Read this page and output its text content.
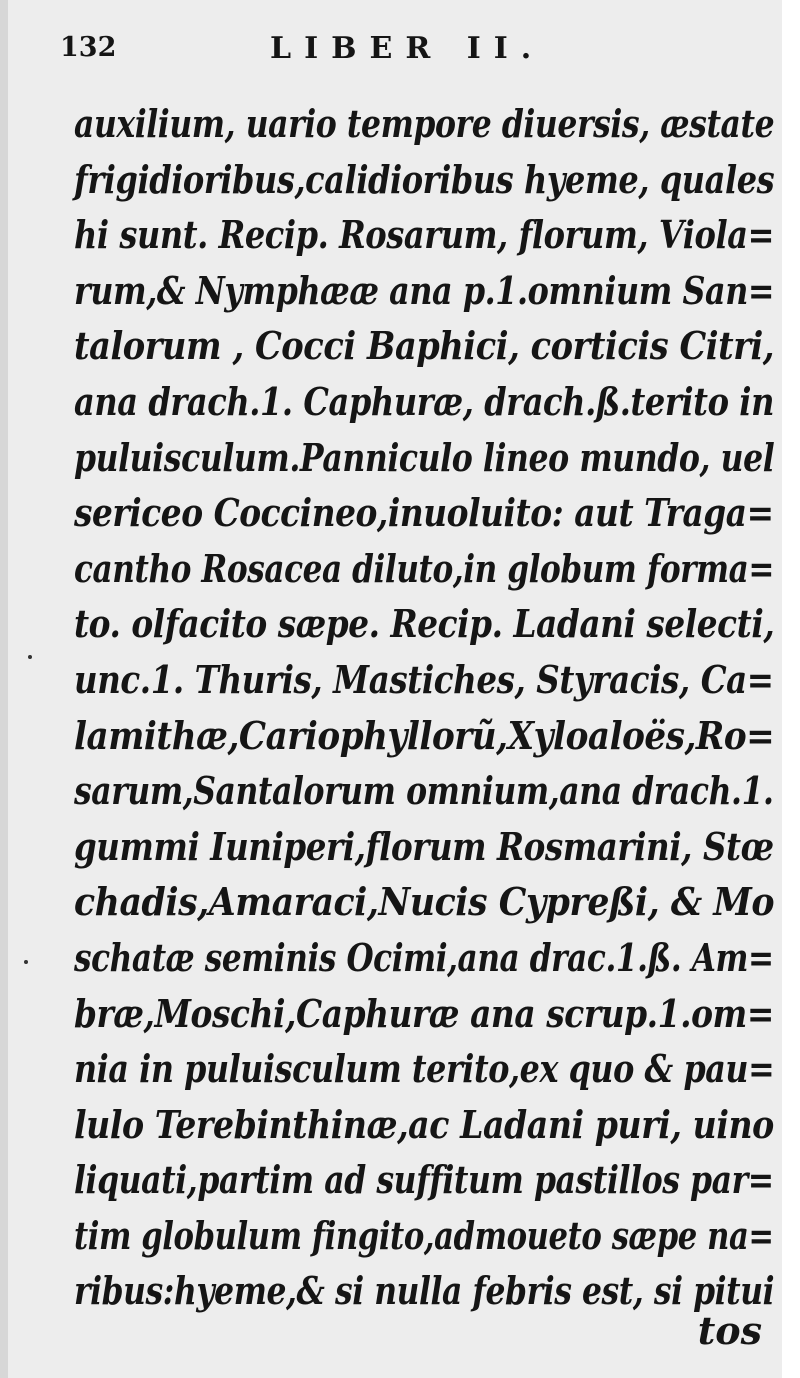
132	LIBER II.
auxilium, uario tempore diuersis, æstate
frigidioribus,calidioribus hyeme, quales
hi sunt. Recip. Rosarum, florum, Viola=
rum,& Nymphææ ana p.1.omnium San=
talorum , Cocci Baphici, corticis Citri,
ana drach.1. Caphuræ, drach.ß.terito in
puluisculum.Panniculo lineo mundo, uel
sericeo Coccineo,inuoluito: aut Traga=
cantho Rosacea diluto,in globum forma=
to. olfacito sæpe. Recip. Ladani selecti,
unc.1. Thuris, Mastiches, Styracis, Ca=
lamithæ,Cariophyllorũ,Xyloaloës,Ro=
sarum,Santalorum omnium,ana drach.1.
gummi Iuniperi,florum Rosmarini, Stœ
chadis,Amaraci,Nucis Cypreßi, & Mo
schatæ seminis Ocimi,ana drac.1.ß. Am=
bræ,Moschi,Caphuræ ana scrup.1.om=
nia in puluisculum terito,ex quo & pau=
lulo Terebinthinæ,ac Ladani puri, uino
liquati,partim ad suffitum pastillos par=
tim globulum fingito,admoueto sæpe na=
ribus:hyeme,& si nulla febris est, si pitui
tos
